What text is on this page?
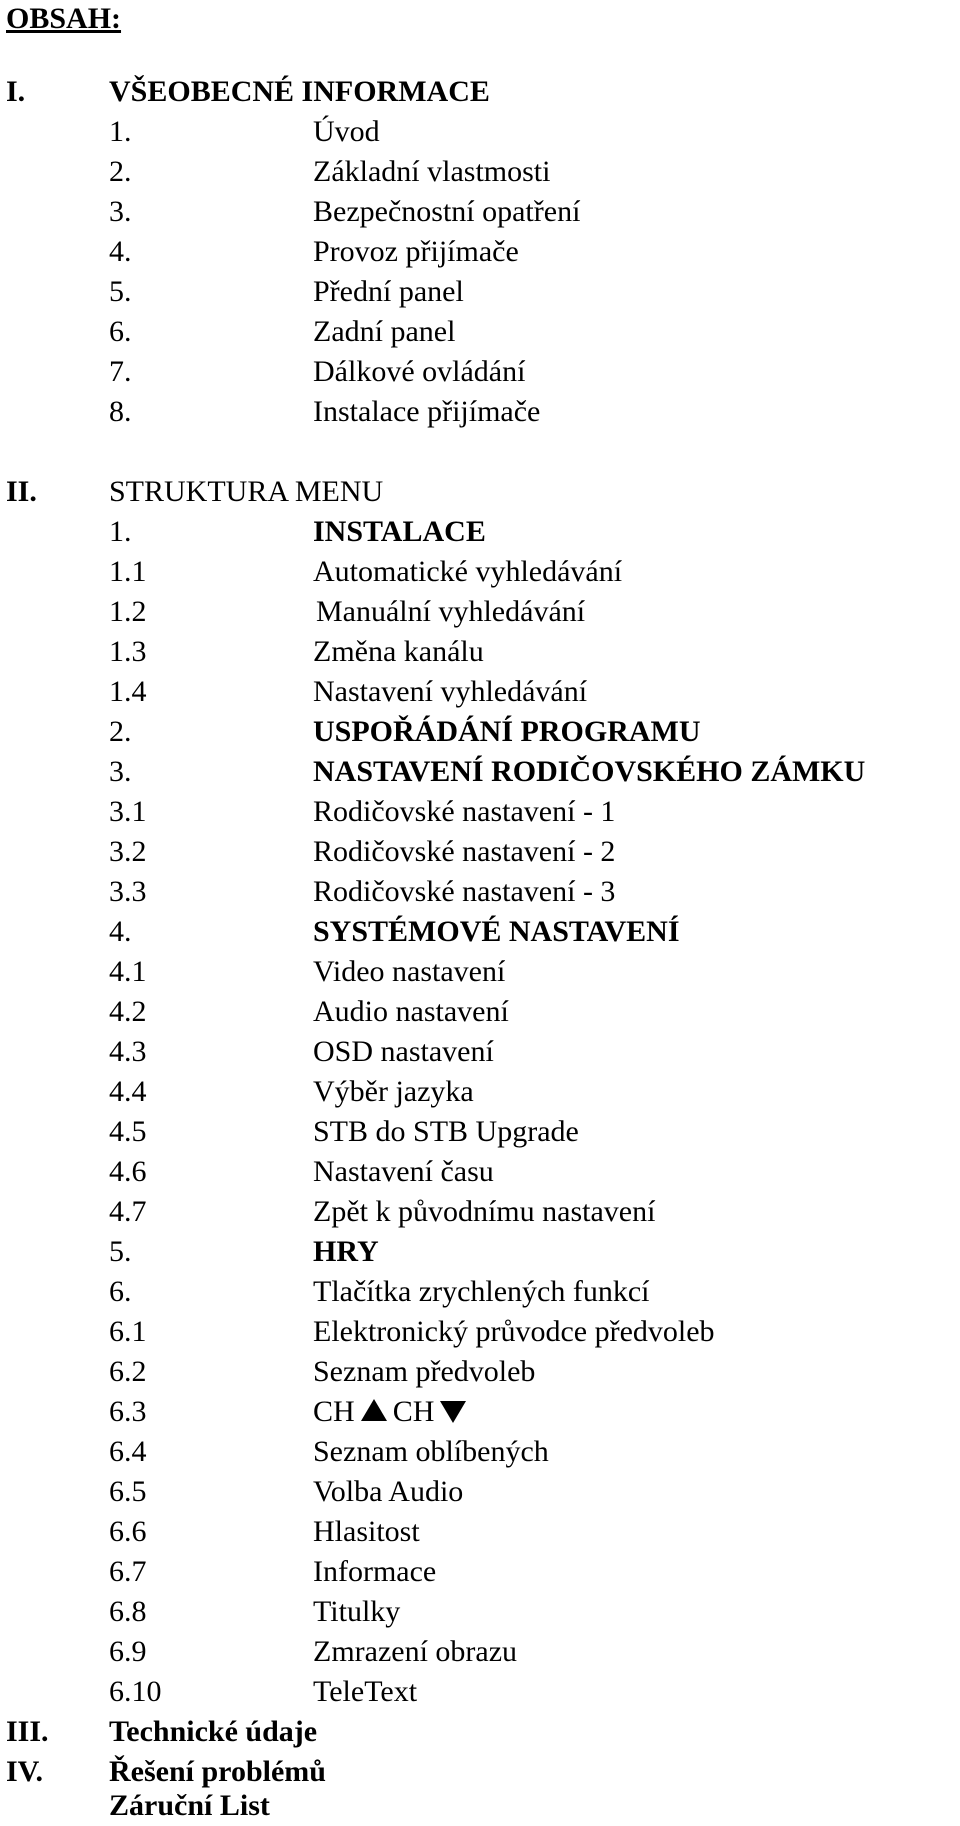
OBSAH:
I.	VŠEOBECNÉ INFORMACE
1.	Úvod
2.	Základní vlastmosti
3.	Bezpečnostní opatření
4.	Provoz přijímače
5.	Přední panel
6.	Zadní panel
7.	Dálkové ovládání
8.	Instalace přijímače
II. STRUKTURA MENU
1.	INSTALACE
1.1	Automatické vyhledávání
1.2	Manuální vyhledávání
1.3	Změna kanálu
1.4	Nastavení vyhledávání
2.	USPOŘÁDÁNÍ PROGRAMU
3.	NASTAVENÍ RODIČOVSKÉHO ZÁMKU
3.1	Rodičovské nastavení - 1
3.2	Rodičovské nastavení - 2
3.3	Rodičovské nastavení - 3
4.	SYSTÉMOVÉ NASTAVENÍ
4.1	Video nastavení
4.2	Audio nastavení
4.3	OSD nastavení
4.4	Výběr jazyka
4.5	STB do STB Upgrade
4.6	Nastavení času
4.7	Zpět k původnímu nastavení
5.	HRY
6.	Tlačítka zrychlených funkcí
6.1	Elektronický průvodce předvoleb
6.2	Seznam předvoleb
6.3	CH CH
6.4	Seznam oblíbených
6.5	Volba Audio
6.6	Hlasitost
6.7	Informace
6.8	Titulky
6.9	Zmrazení obrazu
6.10	TeleText
III. Technické údaje
IV. Řešení problémů
Záruční List
